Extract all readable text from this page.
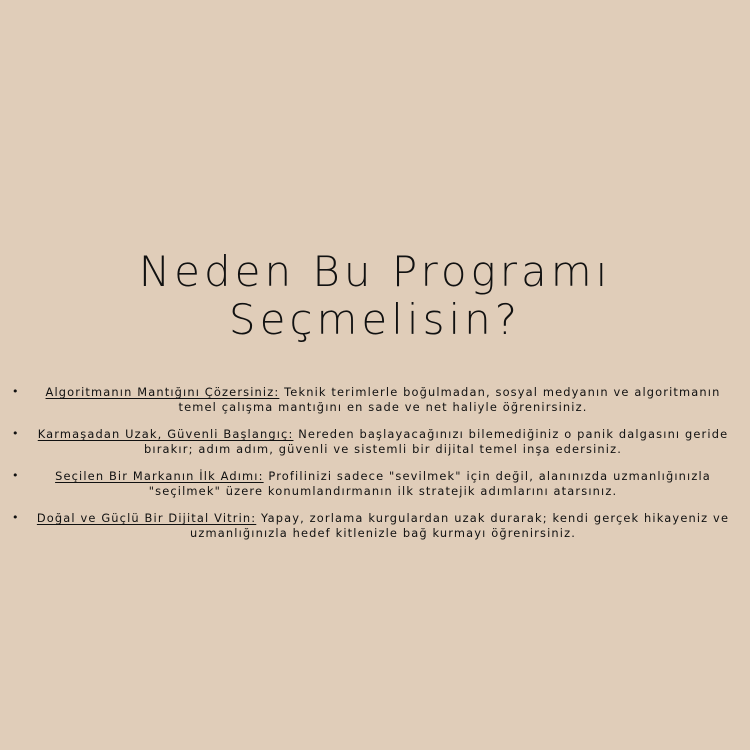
Neden Bu Programı
Seçmelisin?
• Algoritmanın Mantığını Çözersiniz: Teknik terimlerle boğulmadan, sosyal medyanın ve algoritmanın temel çalışma mantığını en sade ve net haliyle öğrenirsiniz.
• Karmaşadan Uzak, Güvenli Başlangıç: Nereden başlayacağınızı bilemediğiniz o panik dalgasını geride bırakır; adım adım, güvenli ve sistemli bir dijital temel inşa edersiniz.
•	Seçilen Bir Markanın İlk Adımı: Profilinizi sadece "sevilmek" için değil, alanınızda uzmanlığınızla "seçilmek" üzere konumlandırmanın ilk stratejik adımlarını atarsınız.
• Doğal ve Güçlü Bir Dijital Vitrin: Yapay, zorlama kurgulardan uzak durarak; kendi gerçek hikayeniz ve uzmanlığınızla hedef kitlenizle bağ kurmayı öğrenirsiniz.
